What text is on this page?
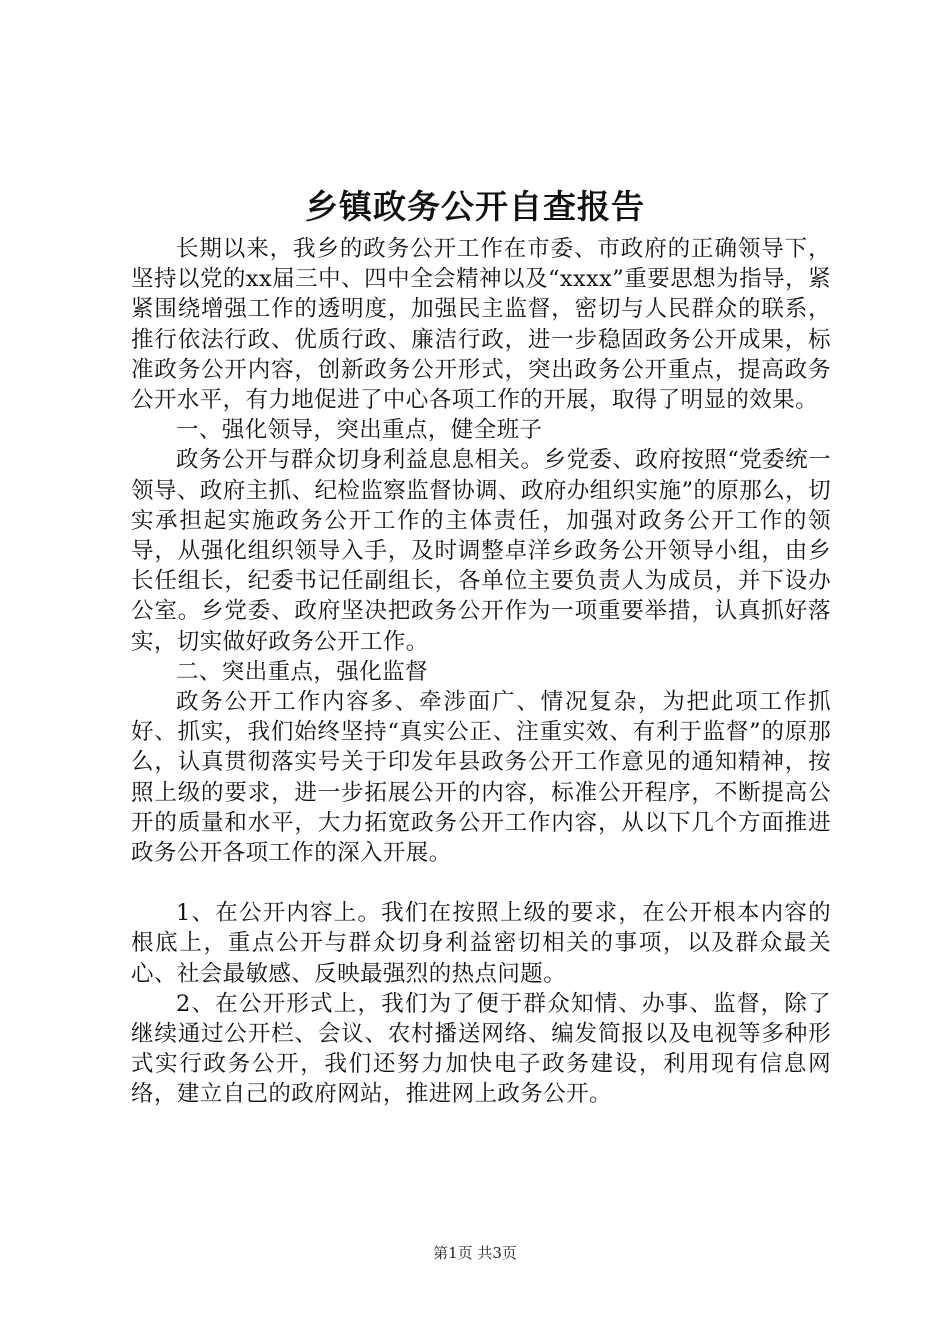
乡镇政务公开自查报告

长期以来，我乡的政务公开工作在市委、市政府的正确领导下，坚持以党的xx届三中、四中全会精神以及“xxxx”重要思想为指导，紧紧围绕增强工作的透明度，加强民主监督，密切与人民群众的联系，推行依法行政、优质行政、廉洁行政，进一步稳固政务公开成果，标准政务公开内容，创新政务公开形式，突出政务公开重点，提高政务公开水平，有力地促进了中心各项工作的开展，取得了明显的效果。

一、强化领导，突出重点，健全班子

政务公开与群众切身利益息息相关。乡党委、政府按照“党委统一领导、政府主抓、纪检监察监督协调、政府办组织实施”的原那么，切实承担起实施政务公开工作的主体责任，加强对政务公开工作的领导，从强化组织领导入手，及时调整卓洋乡政务公开领导小组，由乡长任组长，纪委书记任副组长，各单位主要负责人为成员，并下设办公室。乡党委、政府坚决把政务公开作为一项重要举措，认真抓好落实，切实做好政务公开工作。

二、突出重点，强化监督

政务公开工作内容多、牵涉面广、情况复杂，为把此项工作抓好、抓实，我们始终坚持“真实公正、注重实效、有利于监督”的原那么，认真贯彻落实号关于印发年县政务公开工作意见的通知精神，按照上级的要求，进一步拓展公开的内容，标准公开程序，不断提高公开的质量和水平，大力拓宽政务公开工作内容，从以下几个方面推进政务公开各项工作的深入开展。

1、在公开内容上。我们在按照上级的要求，在公开根本内容的根底上，重点公开与群众切身利益密切相关的事项，以及群众最关心、社会最敏感、反映最强烈的热点问题。

2、在公开形式上，我们为了便于群众知情、办事、监督，除了继续通过公开栏、会议、农村播送网络、编发简报以及电视等多种形式实行政务公开，我们还努力加快电子政务建设，利用现有信息网络，建立自己的政府网站，推进网上政务公开。

第1页 共3页
